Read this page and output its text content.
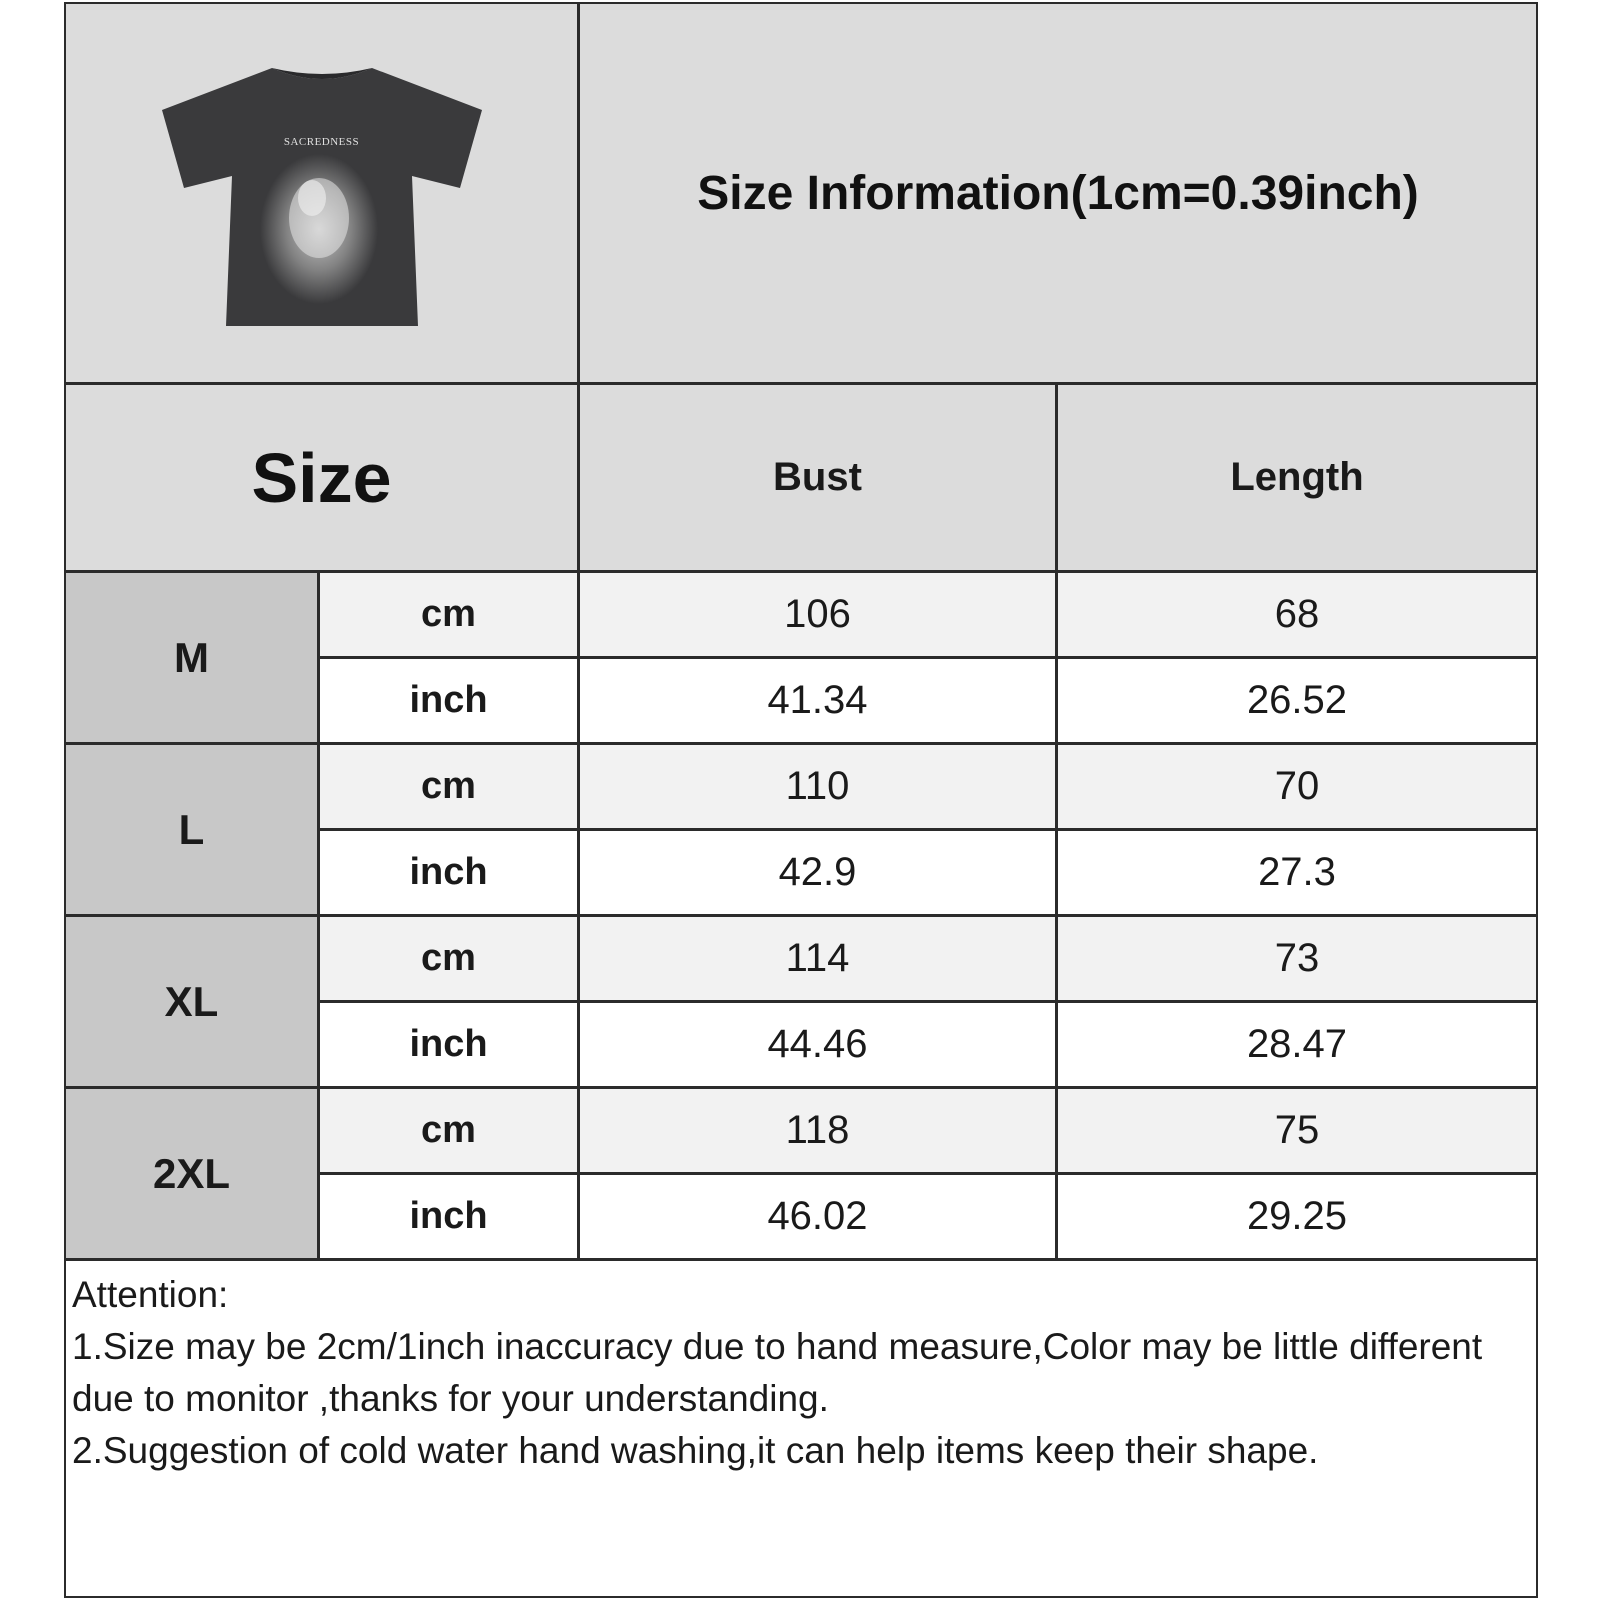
SACREDNESS
Size Information(1cm=0.39inch)
Size	Bust	Length
M
cm	106	68
inch	41.34	26.52
L
cm	110	70
inch	42.9	27.3
XL
cm	114	73
inch	44.46	28.47
2XL
cm	118	75
inch	46.02	29.25
Attention:
1.Size may be 2cm/1inch inaccuracy due to hand measure,Color may be little different due to monitor ,thanks for your understanding.
2.Suggestion of cold water hand washing,it can help items keep their shape.
